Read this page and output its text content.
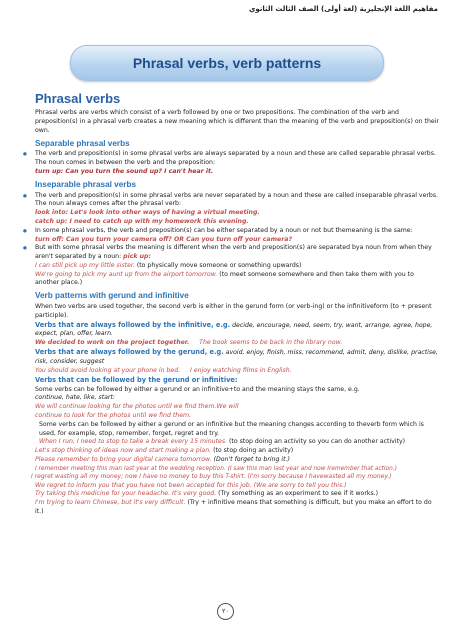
مفاهيم اللغة الإنجليزية (لغة أولى) الصف الثالث الثانوي
Phrasal verbs, verb patterns
Phrasal verbs

Phrasal verbs are verbs which consist of a verb followed by one or two prepositions. The combination of the verb and preposition(s) in a phrasal verb creates a new meaning which is different than the meaning of the verb and preposition(s) on their own.

Separable phrasal verbs

● The verb and preposition(s) in some phrasal verbs are always separated by a noun and these are called separable phrasal verbs. The noun comes in between the verb and the preposition:

turn up: Can you turn the sound up? I can't hear it.

Inseparable phrasal verbs

● The verb and preposition(s) in some phrasal verbs are never separated by a noun and these are called inseparable phrasal verbs. The noun always comes after the phrasal verb:

look into: Let's look into other ways of having a virtual meeting.

catch up: I need to catch up with my homework this evening.

● In some phrasal verbs, the verb and preposition(s) can be either separated by a noun or not but themeaning is the same:

turn off: Can you turn your camera off? OR Can you turn off your camera?

● But with some phrasal verbs the meaning is different when the verb and preposition(s) are separated bya noun from when they aren't separated by a noun: pick up:

I can still pick up my little sister. (to physically move someone or something upwards)

We're going to pick my aunt up from the airport tomorrow. (to meet someone somewhere and then take them with you to another place.)

Verb patterns with gerund and infinitive

When two verbs are used together, the second verb is either in the gerund form (or verb-ing) or the infinitiveform (to + present participle).

Verbs that are always followed by the infinitive, e.g. decide, encourage, need, seem, try, want, arrange, agree, hope, expect, plan, offer, learn.

We decided to work on the project together. The book seems to be back in the library now.

Verbs that are always followed by the gerund, e.g. avoid, enjoy, finish, miss, recommend, admit, deny, dislike, practise, risk, consider, suggest

You should avoid looking at your phone in bed. I enjoy watching films in English.

Verbs that can be followed by the gerund or infinitive:

Some verbs can be followed by either a gerund or an infinitive+to and the meaning stays the same, e.g.

continue, hate, like, start:

We will continue looking for the photos until we find them.We will

continue to look for the photos until we find them.

Some verbs can be followed by either a gerund or an infinitive but the meaning changes according to theverb form which is used, for example, stop, remember, forget, regret and try.

When I run, I need to stop to take a break every 15 minutes. (to stop doing an activity so you can do another activity)

Let's stop thinking of ideas now and start making a plan. (to stop doing an activity)

Please remember to bring your digital camera tomorrow. (Don't forget to bring it.)

I remember meeting this man last year at the wedding reception. (I saw this man last year and now Iremember that action.)

I regret wasting all my money; now I have no money to buy this T-shirt. (I'm sorry because I havewasted all my money.)

We regret to inform you that you have not been accepted for this job. (We are sorry to tell you this.)

Try taking this medicine for your headache. It's very good. (Try something as an experiment to see if it works.)

I'm trying to learn Chinese, but it's very difficult. (Try + infinitive means that something is difficult, but you make an effort to do it.)

٢٠
